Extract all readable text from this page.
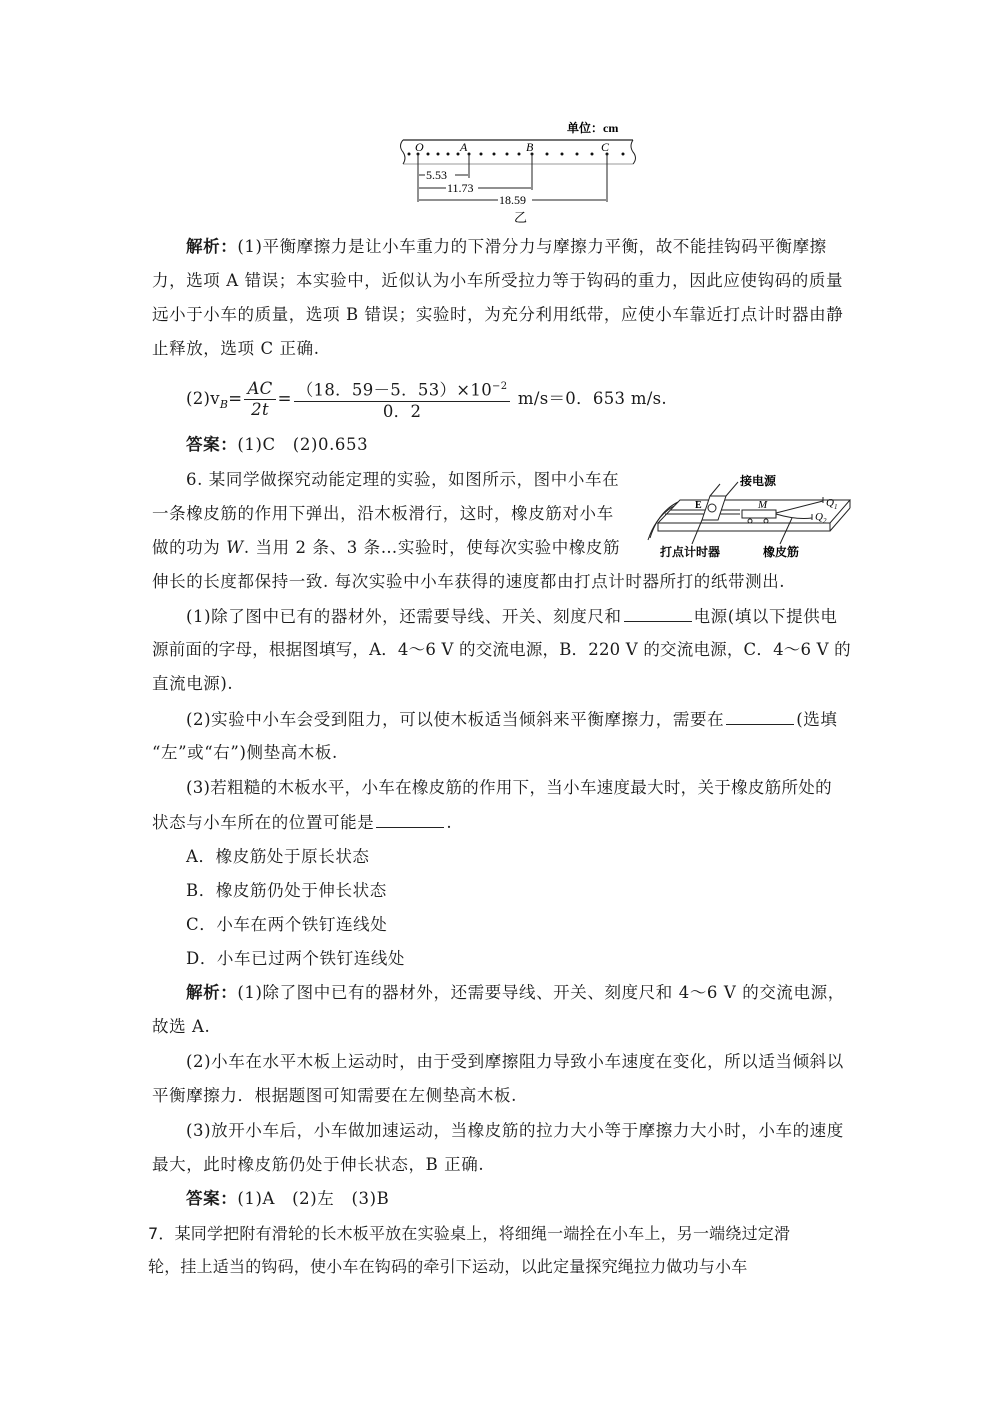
单位：cm
O	A	B	C
5.53
11.73
18.59
乙
解析：(1)平衡摩擦力是让小车重力的下滑分力与摩擦力平衡，故不能挂钩码平衡摩擦
力，选项 A 错误；本实验中，近似认为小车所受拉力等于钩码的重力，因此应使钩码的质量
远小于小车的质量，选项 B 错误；实验时，为充分利用纸带，应使小车靠近打点计时器由静
止释放，选项 C 正确.
$(2)v_B= \frac{AC}{2t} = \frac{(18.59-5.53)\times 10^{-2}}{0.2} m/s=0$．653 m/s.
答案：(1)C　(2)0.653
6. 某同学做探究动能定理的实验，如图所示，图中小车在
一条橡皮筋的作用下弹出，沿木板滑行，这时，橡皮筋对小车
做的功为 W. 当用 2 条、3 条…实验时，使每次实验中橡皮筋
伸长的长度都保持一致. 每次实验中小车获得的速度都由打点计时器所打的纸带测出.
E
接电源
M	$Q_1$
$Q_2$
打点计时器	橡皮筋
(1)除了图中已有的器材外，还需要导线、开关、刻度尺和	电源(填以下提供电
源前面的字母，根据图填写，A．4～6 V 的交流电源，B．220 V 的交流电源，C．4～6 V 的
直流电源).
(2)实验中小车会受到阻力，可以使木板适当倾斜来平衡摩擦力，需要在	(选填
“左”或“右”)侧垫高木板.
(3)若粗糙的木板水平，小车在橡皮筋的作用下，当小车速度最大时，关于橡皮筋所处的
状态与小车所在的位置可能是	.
A．橡皮筋处于原长状态
B．橡皮筋仍处于伸长状态
C．小车在两个铁钉连线处
D．小车已过两个铁钉连线处
解析：(1)除了图中已有的器材外，还需要导线、开关、刻度尺和 4～6 V 的交流电源，
故选 A.
(2)小车在水平木板上运动时，由于受到摩擦阻力导致小车速度在变化，所以适当倾斜以
平衡摩擦力．根据题图可知需要在左侧垫高木板.
(3)放开小车后，小车做加速运动，当橡皮筋的拉力大小等于摩擦力大小时，小车的速度
最大，此时橡皮筋仍处于伸长状态，B 正确.
答案：(1)A　(2)左　(3)B
7．某同学把附有滑轮的长木板平放在实验桌上，将细绳一端拴在小车上，另一端绕过定滑
轮，挂上适当的钩码，使小车在钩码的牵引下运动，以此定量探究绳拉力做功与小车
